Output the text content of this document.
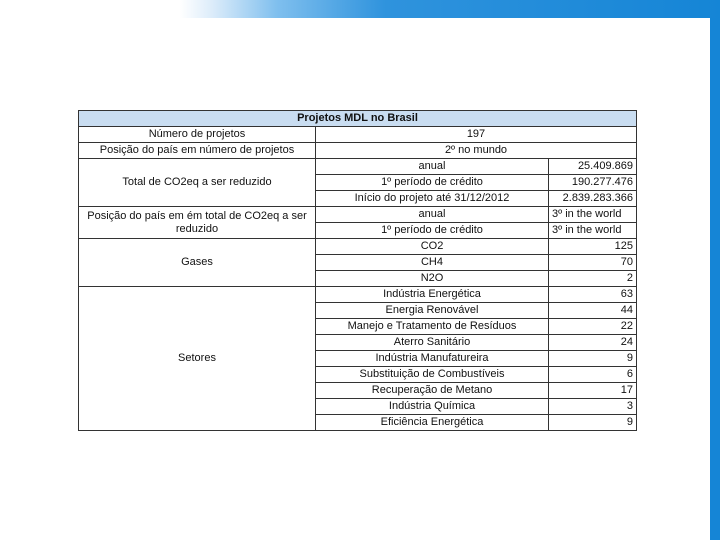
Projetos MDL no Brasil		
Número de projetos	197	
Posição do país em número de projetos	2º no mundo	
Total de CO2eq a ser reduzido	anual	25.409.869
	1º período de crédito	190.277.476
	Início do projeto até 31/12/2012	2.839.283.366
Posição do país em ém total de CO2eq a ser reduzido	anual	3º in the world
	1º período de crédito	3º in the world
Gases	CO2	125
	CH4	70
	N2O	2
Setores	Indústria Energética	63
	Energia Renovável	44
	Manejo e Tratamento de Resíduos	22
	Aterro Sanitário	24
	Indústria Manufatureira	9
	Substituição de Combustíveis	6
	Recuperação de Metano	17
	Indústria Química	3
	Eficiência Energética	9
